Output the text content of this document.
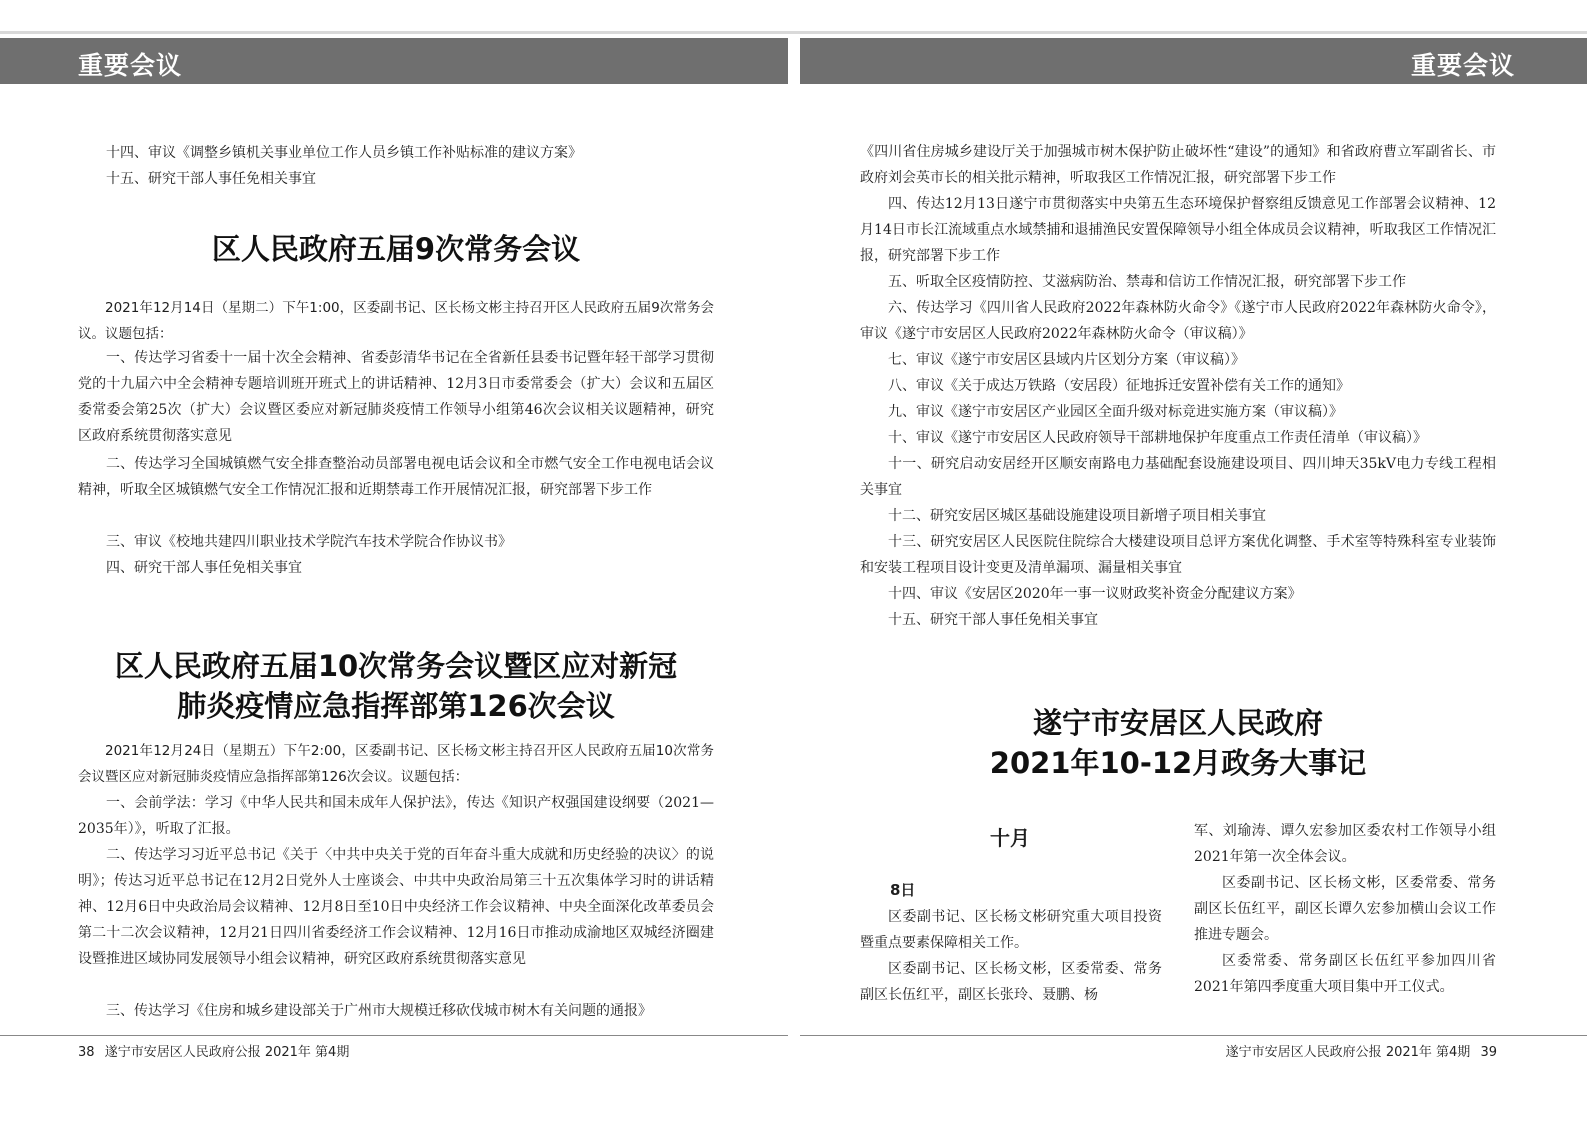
重要会议	重要会议

十四、审议《调整乡镇机关事业单位工作人员乡镇工作补贴标准的建议方案》

十五、研究干部人事任免相关事宜

区人民政府五届9次常务会议

2021年12月14日（星期二）下午1:00，区委副书记、区长杨文彬主持召开区人民政府五届9次常务会议。议题包括：

一、传达学习省委十一届十次全会精神、省委彭清华书记在全省新任县委书记暨年轻干部学习贯彻党的十九届六中全会精神专题培训班开班式上的讲话精神、12月3日市委常委会（扩大）会议和五届区委常委会第25次（扩大）会议暨区委应对新冠肺炎疫情工作领导小组第46次会议相关议题精神，研究区政府系统贯彻落实意见

二、传达学习全国城镇燃气安全排查整治动员部署电视电话会议和全市燃气安全工作电视电话会议精神，听取全区城镇燃气安全工作情况汇报和近期禁毒工作开展情况汇报，研究部署下步工作

三、审议《校地共建四川职业技术学院汽车技术学院合作协议书》

四、研究干部人事任免相关事宜

区人民政府五届10次常务会议暨区应对新冠
肺炎疫情应急指挥部第126次会议

2021年12月24日（星期五）下午2:00，区委副书记、区长杨文彬主持召开区人民政府五届10次常务会议暨区应对新冠肺炎疫情应急指挥部第126次会议。议题包括：

一、会前学法：学习《中华人民共和国未成年人保护法》，传达《知识产权强国建设纲要（2021—2035年）》，听取了汇报。

二、传达学习习近平总书记《关于〈中共中央关于党的百年奋斗重大成就和历史经验的决议〉的说明》；传达习近平总书记在12月2日党外人士座谈会、中共中央政治局第三十五次集体学习时的讲话精神、12月6日中央政治局会议精神、12月8日至10日中央经济工作会议精神、中央全面深化改革委员会第二十二次会议精神，12月21日四川省委经济工作会议精神、12月16日市推动成渝地区双城经济圈建设暨推进区域协同发展领导小组会议精神，研究区政府系统贯彻落实意见

三、传达学习《住房和城乡建设部关于广州市大规模迁移砍伐城市树木有关问题的通报》

《四川省住房城乡建设厅关于加强城市树木保护防止破坏性“建设”的通知》和省政府曹立军副省长、市政府刘会英市长的相关批示精神，听取我区工作情况汇报，研究部署下步工作

四、传达12月13日遂宁市贯彻落实中央第五生态环境保护督察组反馈意见工作部署会议精神、12月14日市长江流域重点水域禁捕和退捕渔民安置保障领导小组全体成员会议精神，听取我区工作情况汇报，研究部署下步工作

五、听取全区疫情防控、艾滋病防治、禁毒和信访工作情况汇报，研究部署下步工作

六、传达学习《四川省人民政府2022年森林防火命令》《遂宁市人民政府2022年森林防火命令》，审议《遂宁市安居区人民政府2022年森林防火命令（审议稿）》

七、审议《遂宁市安居区县域内片区划分方案（审议稿）》

八、审议《关于成达万铁路（安居段）征地拆迁安置补偿有关工作的通知》

九、审议《遂宁市安居区产业园区全面升级对标竞进实施方案（审议稿）》

十、审议《遂宁市安居区人民政府领导干部耕地保护年度重点工作责任清单（审议稿）》

十一、研究启动安居经开区顺安南路电力基础配套设施建设项目、四川坤天35kV电力专线工程相关事宜

十二、研究安居区城区基础设施建设项目新增子项目相关事宜

十三、研究安居区人民医院住院综合大楼建设项目总评方案优化调整、手术室等特殊科室专业装饰和安装工程项目设计变更及清单漏项、漏量相关事宜

十四、审议《安居区2020年一事一议财政奖补资金分配建议方案》

十五、研究干部人事任免相关事宜

遂宁市安居区人民政府
2021年10-12月政务大事记
十月
8日

区委副书记、区长杨文彬研究重大项目投资暨重点要素保障相关工作。

区委副书记、区长杨文彬，区委常委、常务副区长伍红平，副区长张玲、聂鹏、杨

军、刘瑜涛、谭久宏参加区委农村工作领导小组2021年第一次全体会议。

区委副书记、区长杨文彬，区委常委、常务副区长伍红平，副区长谭久宏参加横山会议工作推进专题会。

区委常委、常务副区长伍红平参加四川省2021年第四季度重大项目集中开工仪式。

38 遂宁市安居区人民政府公报 2021年 第4期	遂宁市安居区人民政府公报 2021年 第4期 39
